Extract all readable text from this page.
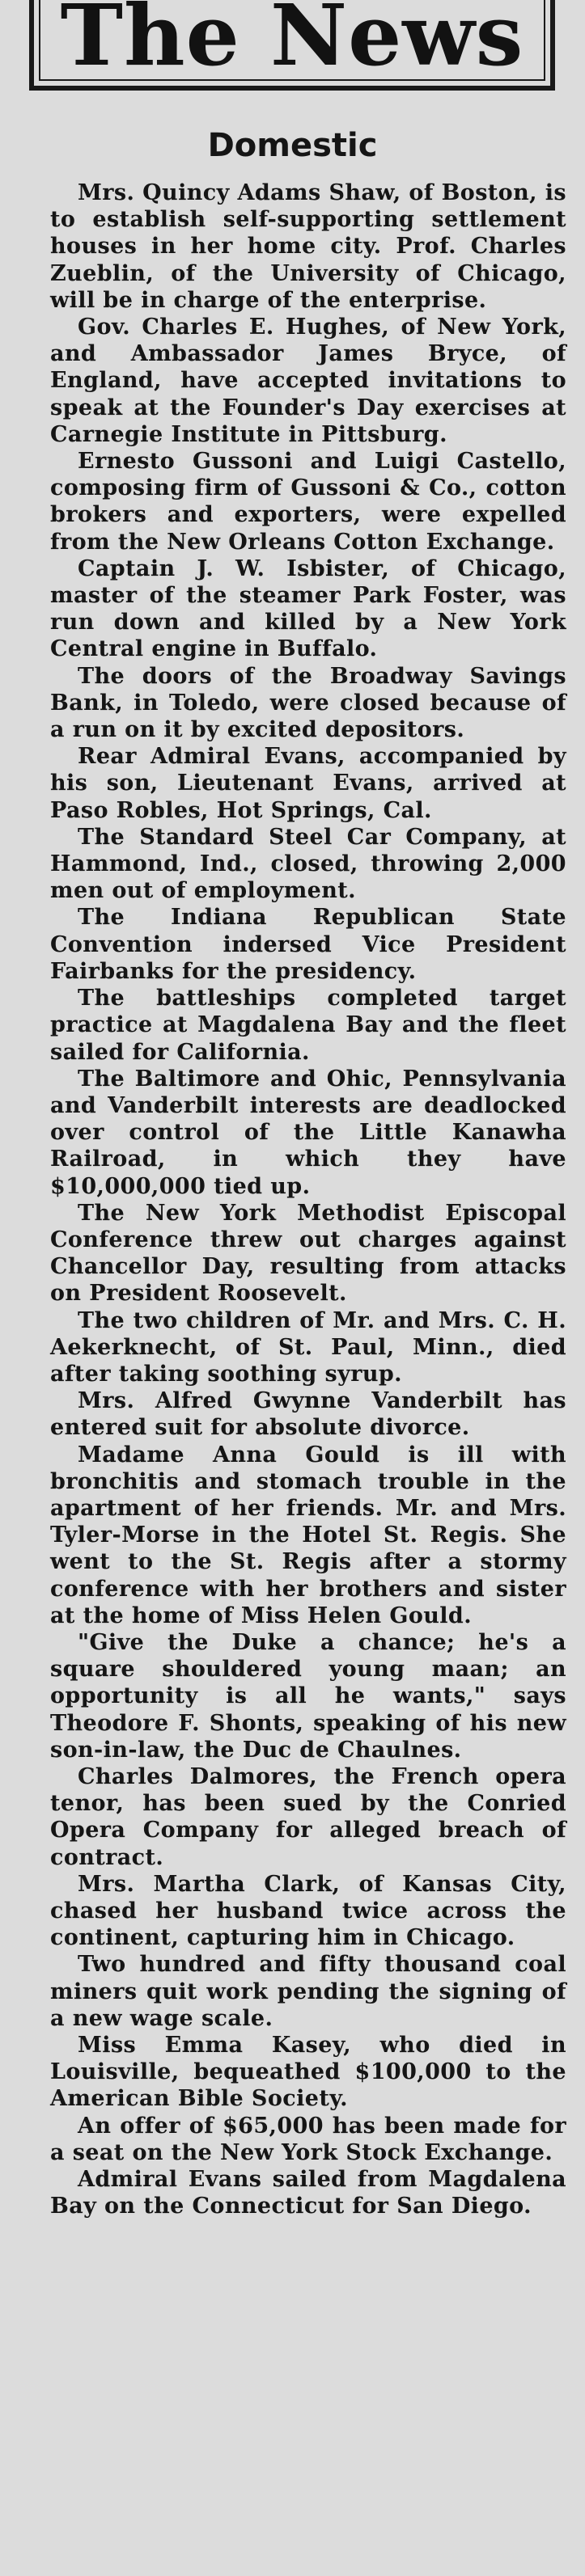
The News
Domestic

Mrs. Quincy Adams Shaw, of Boston, is to establish self-supporting settlement houses in her home city. Prof. Charles Zueblin, of the University of Chicago, will be in charge of the enterprise.

Gov. Charles E. Hughes, of New York, and Ambassador James Bryce, of England, have accepted invitations to speak at the Founder's Day exercises at Carnegie Institute in Pittsburg.

Ernesto Gussoni and Luigi Castello, composing firm of Gussoni & Co., cotton brokers and exporters, were expelled from the New Orleans Cotton Exchange.

Captain J. W. Isbister, of Chicago, master of the steamer Park Foster, was run down and killed by a New York Central engine in Buffalo.

The doors of the Broadway Savings Bank, in Toledo, were closed because of a run on it by excited depositors.

Rear Admiral Evans, accompanied by his son, Lieutenant Evans, arrived at Paso Robles, Hot Springs, Cal.

The Standard Steel Car Company, at Hammond, Ind., closed, throwing 2,000 men out of employment.

The Indiana Republican State Convention indersed Vice President Fairbanks for the presidency.

The battleships completed target practice at Magdalena Bay and the fleet sailed for California.

The Baltimore and Ohic, Pennsylvania and Vanderbilt interests are deadlocked over control of the Little Kanawha Railroad, in which they have $10,000,000 tied up.

The New York Methodist Episcopal Conference threw out charges against Chancellor Day, resulting from attacks on President Roosevelt.

The two children of Mr. and Mrs. C. H. Aekerknecht, of St. Paul, Minn., died after taking soothing syrup.

Mrs. Alfred Gwynne Vanderbilt has entered suit for absolute divorce.

Madame Anna Gould is ill with bronchitis and stomach trouble in the apartment of her friends. Mr. and Mrs. Tyler-Morse in the Hotel St. Regis. She went to the St. Regis after a stormy conference with her brothers and sister at the home of Miss Helen Gould.

"Give the Duke a chance; he's a square shouldered young maan; an opportunity is all he wants," says Theodore F. Shonts, speaking of his new son-in-law, the Duc de Chaulnes.

Charles Dalmores, the French opera tenor, has been sued by the Conried Opera Company for alleged breach of contract.

Mrs. Martha Clark, of Kansas City, chased her husband twice across the continent, capturing him in Chicago.

Two hundred and fifty thousand coal miners quit work pending the signing of a new wage scale.

Miss Emma Kasey, who died in Louisville, bequeathed $100,000 to the American Bible Society.

An offer of $65,000 has been made for a seat on the New York Stock Exchange.

Admiral Evans sailed from Magdalena Bay on the Connecticut for San Diego.
